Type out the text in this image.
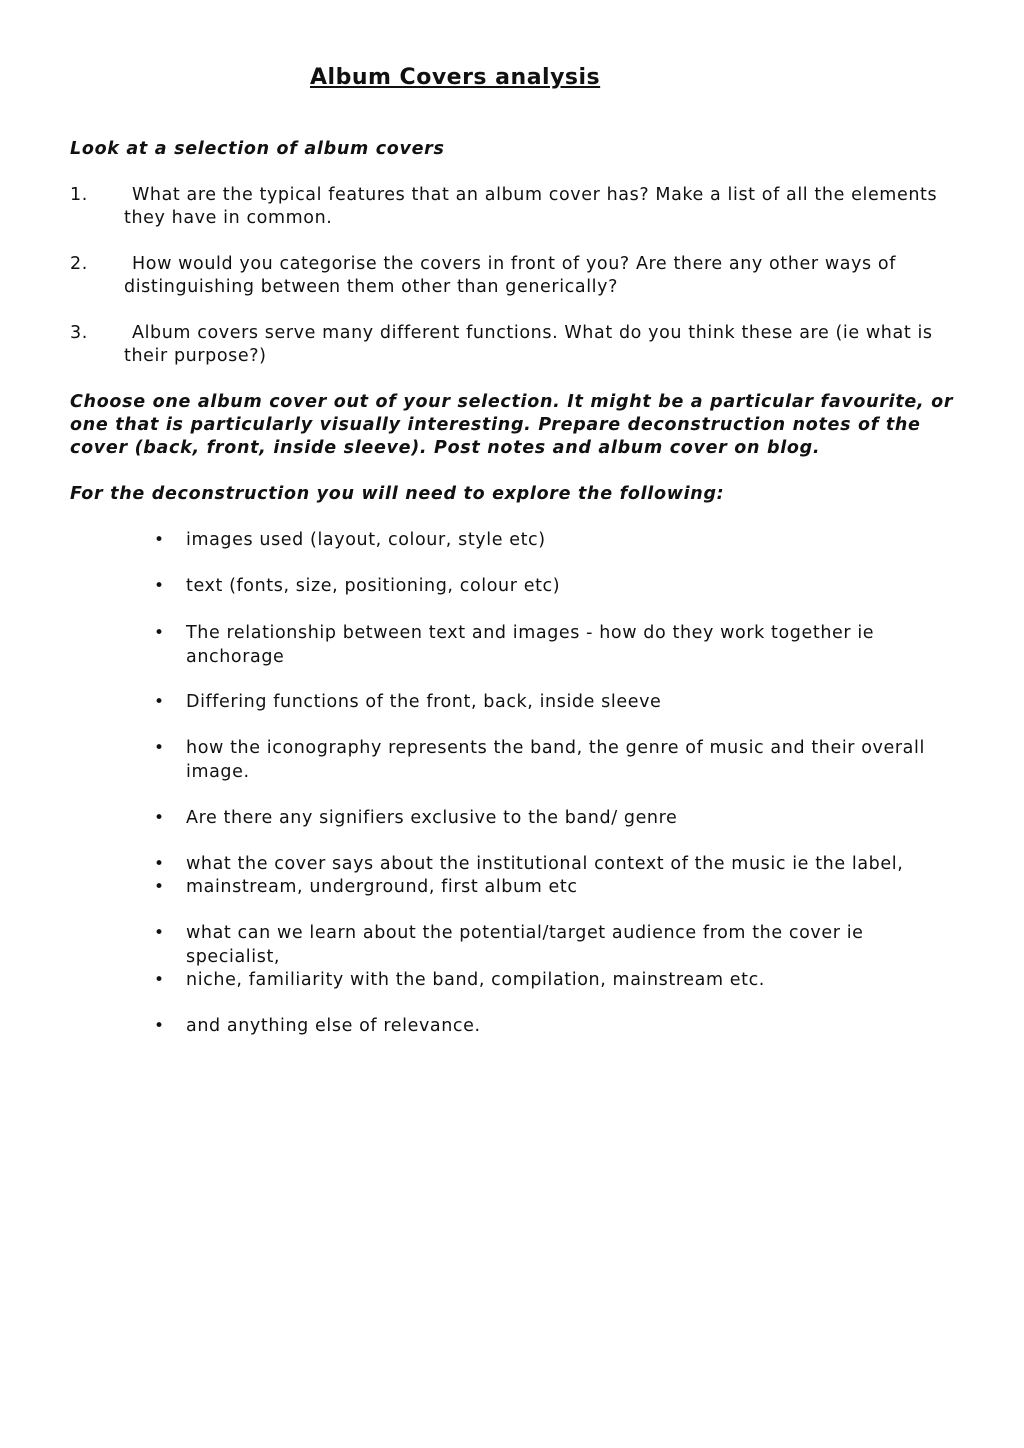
Album Covers analysis
Look at a selection of album covers
1.	What are the typical features that an album cover has? Make a list of all the elements they have in common.
2.	How would you categorise the covers in front of you? Are there any other ways of distinguishing between them other than generically?
3.	Album covers serve many different functions. What do you think these are (ie what is their purpose?)
Choose one album cover out of your selection. It might be a particular favourite, or one that is particularly visually interesting. Prepare deconstruction notes of the cover (back, front, inside sleeve). Post notes and album cover on blog.
For the deconstruction you will need to explore the following:
• images used (layout, colour, style etc)
• text (fonts, size, positioning, colour etc)
• The relationship between text and images - how do they work together ie anchorage
• Differing functions of the front, back, inside sleeve
• how the iconography represents the band, the genre of music and their overall image.
• Are there any signifiers exclusive to the band/ genre
• what the cover says about the institutional context of the music ie the label,
• mainstream, underground, first album etc
• what can we learn about the potential/target audience from the cover ie specialist,
• niche, familiarity with the band, compilation, mainstream etc.
• and anything else of relevance.
